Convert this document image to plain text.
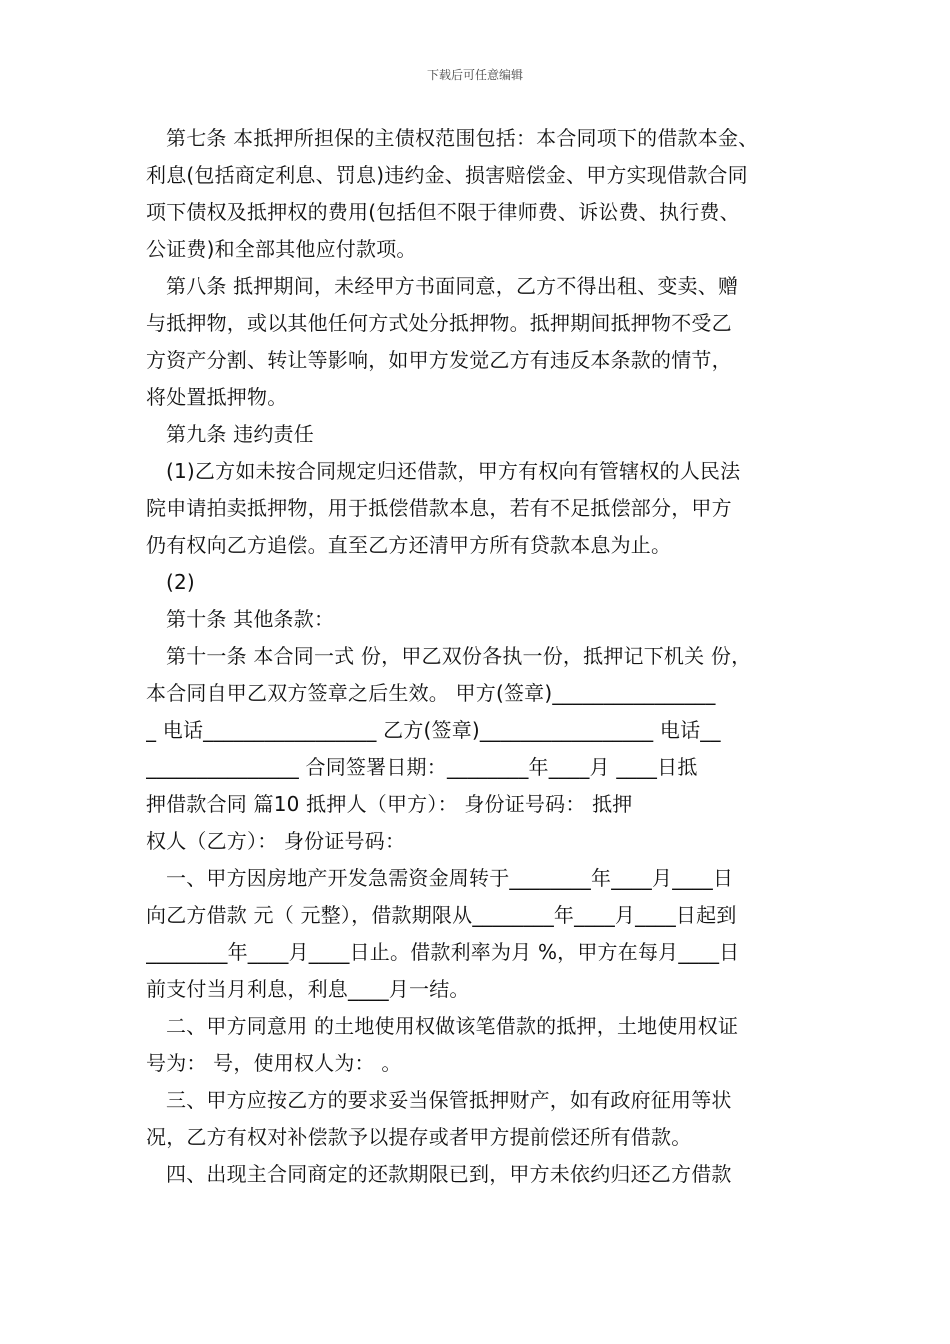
下载后可任意编辑
第七条 本抵押所担保的主债权范围包括：本合同项下的借款本金、
利息(包括商定利息、罚息)违约金、损害赔偿金、甲方实现借款合同
项下债权及抵押权的费用(包括但不限于律师费、诉讼费、执行费、
公证费)和全部其他应付款项。
第八条 抵押期间，未经甲方书面同意，乙方不得出租、变卖、赠
与抵押物，或以其他任何方式处分抵押物。抵押期间抵押物不受乙
方资产分割、转让等影响，如甲方发觉乙方有违反本条款的情节，
将处置抵押物。
第九条 违约责任
(1)乙方如未按合同规定归还借款，甲方有权向有管辖权的人民法
院申请拍卖抵押物，用于抵偿借款本息，若有不足抵偿部分，甲方
仍有权向乙方追偿。直至乙方还清甲方所有贷款本息为止。
(2)
第十条 其他条款：
第十一条 本合同一式 份，甲乙双份各执一份，抵押记下机关 份，
本合同自甲乙双方签章之后生效。 甲方(签章)________________
_ 电话_________________ 乙方(签章)_________________ 电话__
_______________ 合同签署日期：________年____月 ____日抵
押借款合同 篇10 抵押人（甲方）： 身份证号码： 抵押
权人（乙方）： 身份证号码：
一、甲方因房地产开发急需资金周转于________年____月____日
向乙方借款 元（ 元整），借款期限从________年____月____日起到
________年____月____日止。借款利率为月 %，甲方在每月____日
前支付当月利息，利息____月一结。
二、甲方同意用 的土地使用权做该笔借款的抵押，土地使用权证
号为： 号，使用权人为： 。
三、甲方应按乙方的要求妥当保管抵押财产，如有政府征用等状
况，乙方有权对补偿款予以提存或者甲方提前偿还所有借款。
四、出现主合同商定的还款期限已到，甲方未依约归还乙方借款
